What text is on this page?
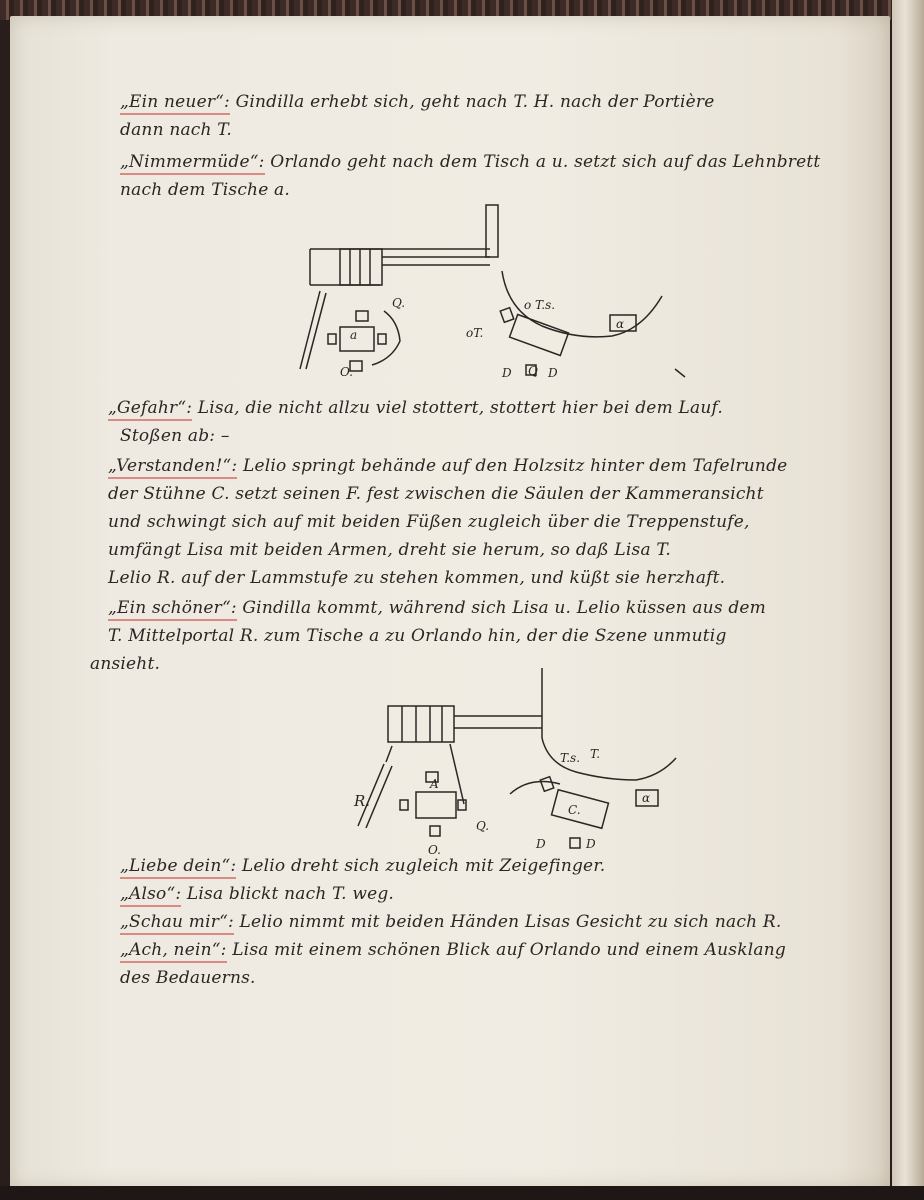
„Ein neuer“: Gindilla erhebt sich, geht nach T. H. nach der Portière
dann nach T.
„Nimmermüde“: Orlando geht nach dem Tisch a u. setzt sich auf das Lehnbrett
nach dem Tische a.
a
Q.	o T.s.
oT.
α
O.	Q
D	D
„Gefahr“: Lisa, die nicht allzu viel stottert, stottert hier bei dem Lauf.
Stoßen ab: –
„Verstanden!“: Lelio springt behände auf den Holzsitz hinter dem Tafelrunde
der Stühne C. setzt seinen F. fest zwischen die Säulen der Kammeransicht
und schwingt sich auf mit beiden Füßen zugleich über die Treppenstufe,
umfängt Lisa mit beiden Armen, dreht sie herum, so daß Lisa T.
Lelio R. auf der Lammstufe zu stehen kommen, und küßt sie herzhaft.
„Ein schöner“: Gindilla kommt, während sich Lisa u. Lelio küssen aus dem
T. Mittelportal R. zum Tische a zu Orlando hin, der die Szene unmutig
ansieht.
R.
A
Q.
O.
T.s. T.
C.
α
D	D
„Liebe dein“: Lelio dreht sich zugleich mit Zeigefinger.
„Also“: Lisa blickt nach T. weg.
„Schau mir“: Lelio nimmt mit beiden Händen Lisas Gesicht zu sich nach R.
„Ach, nein“: Lisa mit einem schönen Blick auf Orlando und einem Ausklang
des Bedauerns.
